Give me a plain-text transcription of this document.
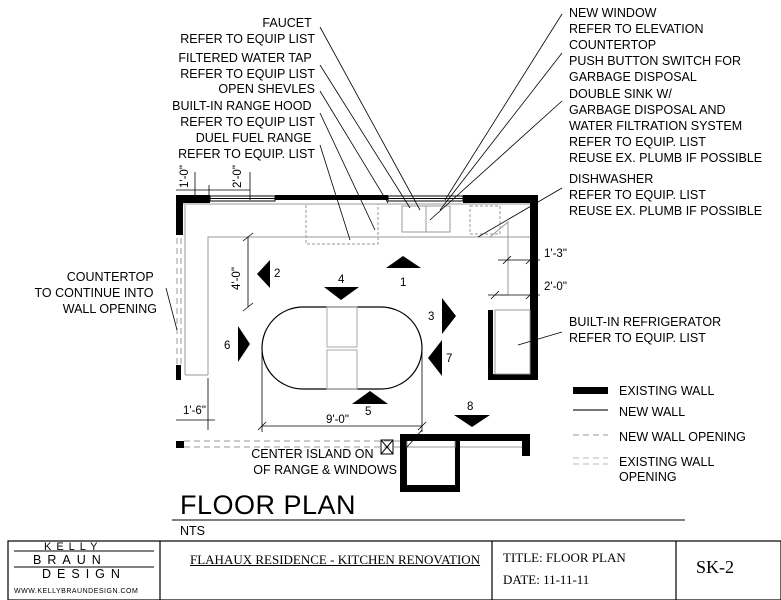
FAUCET REFER TO EQUIP LIST
FILTERED WATER TAP REFER TO EQUIP LIST
OPEN SHEVLES
BUILT-IN RANGE HOOD REFER TO EQUIP LIST
DUEL FUEL RANGE REFER TO EQUIP. LIST
NEW WINDOW REFER TO ELEVATION
COUNTERTOP PUSH BUTTON SWITCH FOR GARBAGE DISPOSAL
DOUBLE SINK W/ GARBAGE DISPOSAL AND WATER FILTRATION SYSTEM REFER TO EQUIP. LIST REUSE EX. PLUMB IF POSSIBLE
DISHWASHER REFER TO EQUIP. LIST REUSE EX. PLUMB IF POSSIBLE
BUILT-IN REFRIGERATOR REFER TO EQUIP. LIST
COUNTERTOP TO CONTINUE INTO WALL OPENING
CENTER ISLAND ON OF RANGE & WINDOWS
1'-0"	2'-0"
4'-0"
1'-3"
2'-0"
1'-6"
9'-0"
1
2
3
4
5
6
7
8
EXISTING WALL
NEW WALL
NEW WALL OPENING
EXISTING WALL OPENING
FLOOR PLAN
NTS
KELLY
BRAUN
DESIGN
WWW.KELLYBRAUNDESIGN.COM
FLAHAUX RESIDENCE - KITCHEN RENOVATION TITLE: FLOOR PLAN
DATE: 11-11-11
SK-2
